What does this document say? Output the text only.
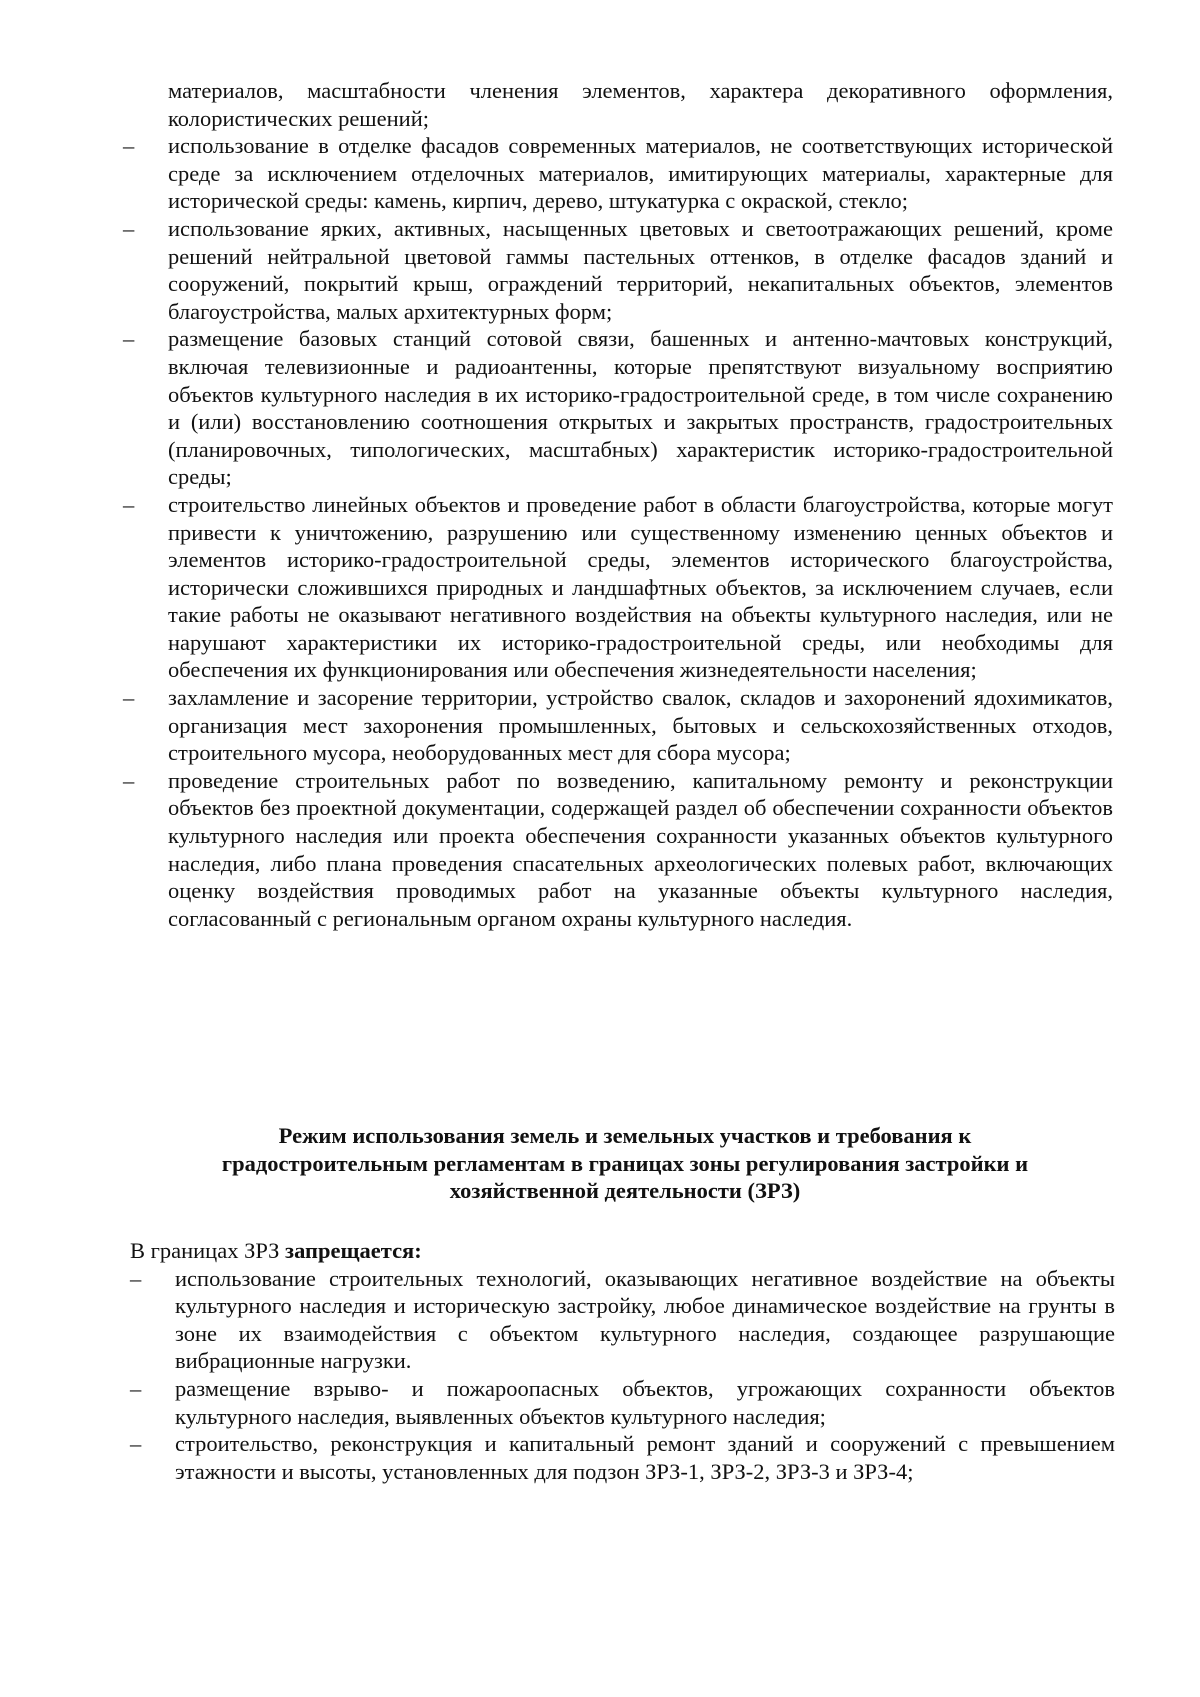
материалов, масштабности членения элементов, характера декоративного оформления, колористических решений;

– использование в отделке фасадов современных материалов, не соответствующих исторической среде за исключением отделочных материалов, имитирующих материалы, характерные для исторической среды: камень, кирпич, дерево, штукатурка с окраской, стекло;

– использование ярких, активных, насыщенных цветовых и светоотражающих решений, кроме решений нейтральной цветовой гаммы пастельных оттенков, в отделке фасадов зданий и сооружений, покрытий крыш, ограждений территорий, некапитальных объектов, элементов благоустройства, малых архитектурных форм;

– размещение базовых станций сотовой связи, башенных и антенно-мачтовых конструкций, включая телевизионные и радиоантенны, которые препятствуют визуальному восприятию объектов культурного наследия в их историко-градостроительной среде, в том числе сохранению и (или) восстановлению соотношения открытых и закрытых пространств, градостроительных (планировочных, типологических, масштабных) характеристик историко-градостроительной среды;

– строительство линейных объектов и проведение работ в области благоустройства, которые могут привести к уничтожению, разрушению или существенному изменению ценных объектов и элементов историко-градостроительной среды, элементов исторического благоустройства, исторически сложившихся природных и ландшафтных объектов, за исключением случаев, если такие работы не оказывают негативного воздействия на объекты культурного наследия, или не нарушают характеристики их историко-градостроительной среды, или необходимы для обеспечения их функционирования или обеспечения жизнедеятельности населения;

– захламление и засорение территории, устройство свалок, складов и захоронений ядохимикатов, организация мест захоронения промышленных, бытовых и сельскохозяйственных отходов, строительного мусора, необорудованных мест для сбора мусора;

– проведение строительных работ по возведению, капитальному ремонту и реконструкции объектов без проектной документации, содержащей раздел об обеспечении сохранности объектов культурного наследия или проекта обеспечения сохранности указанных объектов культурного наследия, либо плана проведения спасательных археологических полевых работ, включающих оценку воздействия проводимых работ на указанные объекты культурного наследия, согласованный с региональным органом охраны культурного наследия.

Режим использования земель и земельных участков и требования к
градостроительным регламентам в границах зоны регулирования застройки и
хозяйственной деятельности (ЗРЗ)

В границах ЗРЗ запрещается:

– использование строительных технологий, оказывающих негативное воздействие на объекты культурного наследия и историческую застройку, любое динамическое воздействие на грунты в зоне их взаимодействия с объектом культурного наследия, создающее разрушающие вибрационные нагрузки.

– размещение взрыво- и пожароопасных объектов, угрожающих сохранности объектов культурного наследия, выявленных объектов культурного наследия;

– строительство, реконструкция и капитальный ремонт зданий и сооружений с превышением этажности и высоты, установленных для подзон ЗРЗ-1, ЗРЗ-2, ЗРЗ-3 и ЗРЗ-4;
